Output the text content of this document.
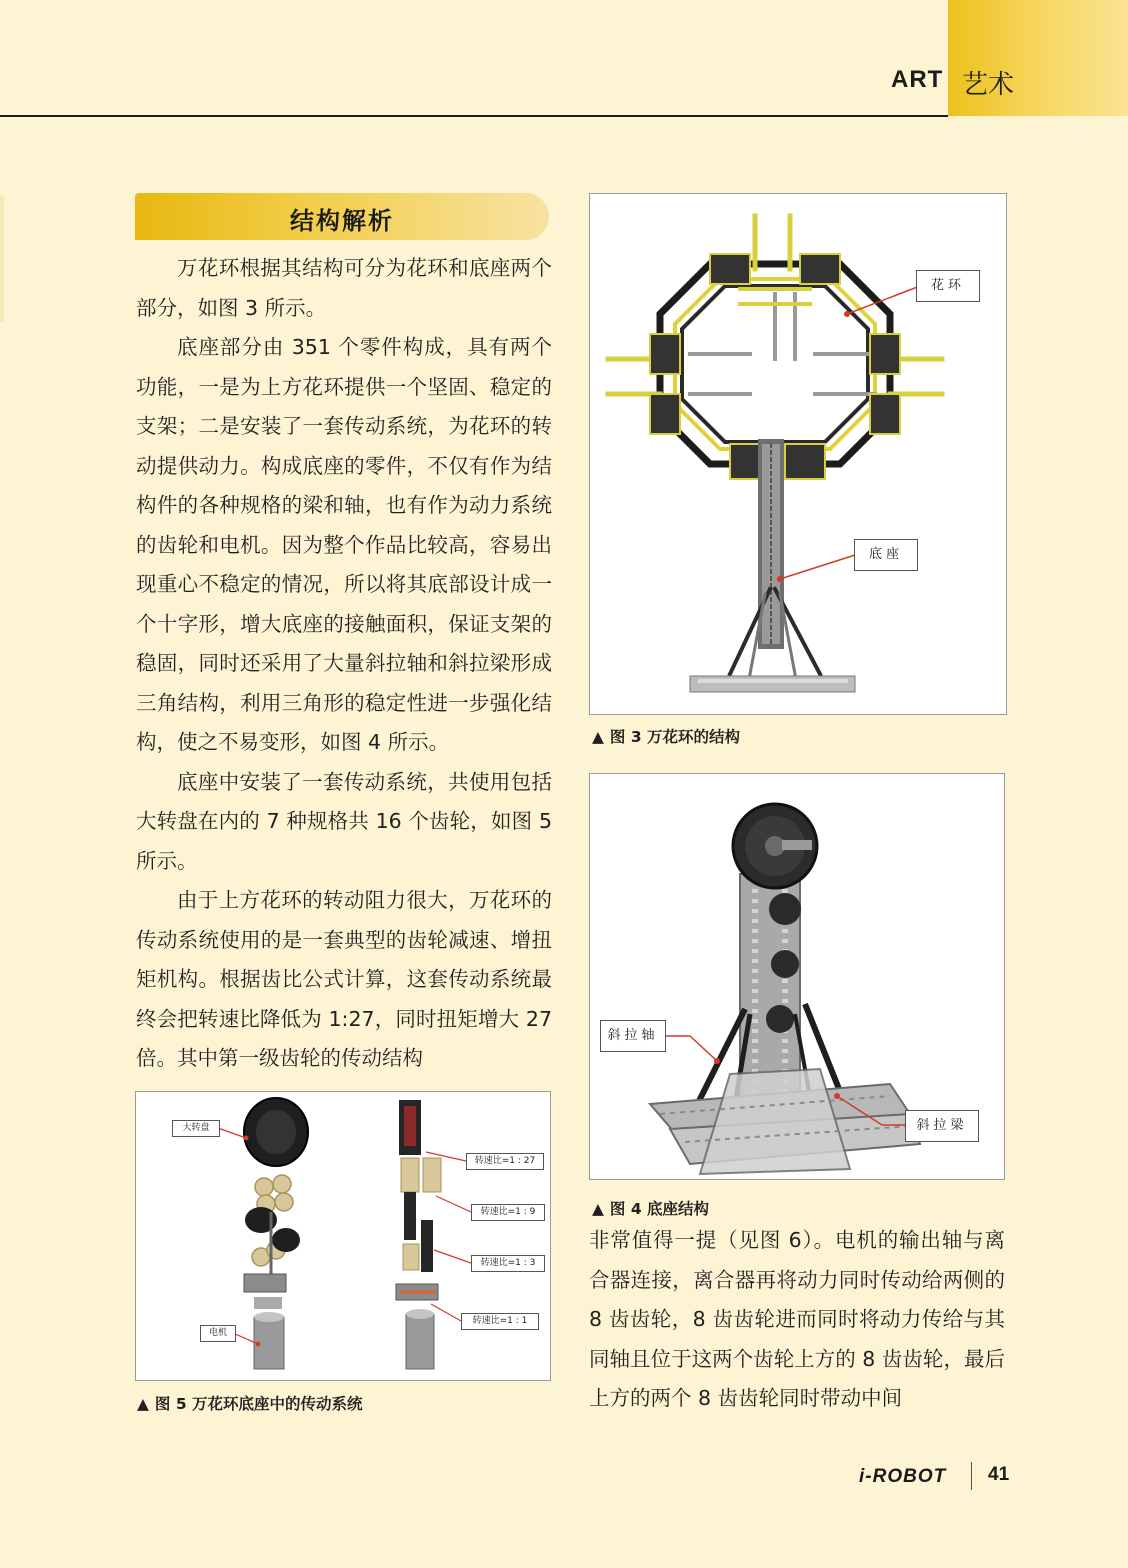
ART 艺术
结构解析

万花环根据其结构可分为花环和底座两个部分，如图 3 所示。

底座部分由 351 个零件构成，具有两个功能，一是为上方花环提供一个坚固、稳定的支架；二是安装了一套传动系统，为花环的转动提供动力。构成底座的零件，不仅有作为结构件的各种规格的梁和轴，也有作为动力系统的齿轮和电机。因为整个作品比较高，容易出现重心不稳定的情况，所以将其底部设计成一个十字形，增大底座的接触面积，保证支架的稳固，同时还采用了大量斜拉轴和斜拉梁形成三角结构，利用三角形的稳定性进一步强化结构，使之不易变形，如图 4 所示。

底座中安装了一套传动系统，共使用包括大转盘在内的 7 种规格共 16 个齿轮，如图 5 所示。

由于上方花环的转动阻力很大，万花环的传动系统使用的是一套典型的齿轮减速、增扭矩机构。根据齿比公式计算，这套传动系统最终会把转速比降低为 1:27，同时扭矩增大 27 倍。其中第一级齿轮的传动结构

花环
底座
▲ 图 3 万花环的结构
斜拉轴
斜拉梁
▲ 图 4 底座结构

非常值得一提（见图 6）。电机的输出轴与离合器连接，离合器再将动力同时传动给两侧的 8 齿齿轮，8 齿齿轮进而同时将动力传给与其同轴且位于这两个齿轮上方的 8 齿齿轮，最后上方的两个 8 齿齿轮同时带动中间

大转盘
电机
转速比=1 : 27
转速比=1 : 9
转速比=1 : 3
转速比=1 : 1
▲ 图 5 万花环底座中的传动系统
i-ROBOT 41
